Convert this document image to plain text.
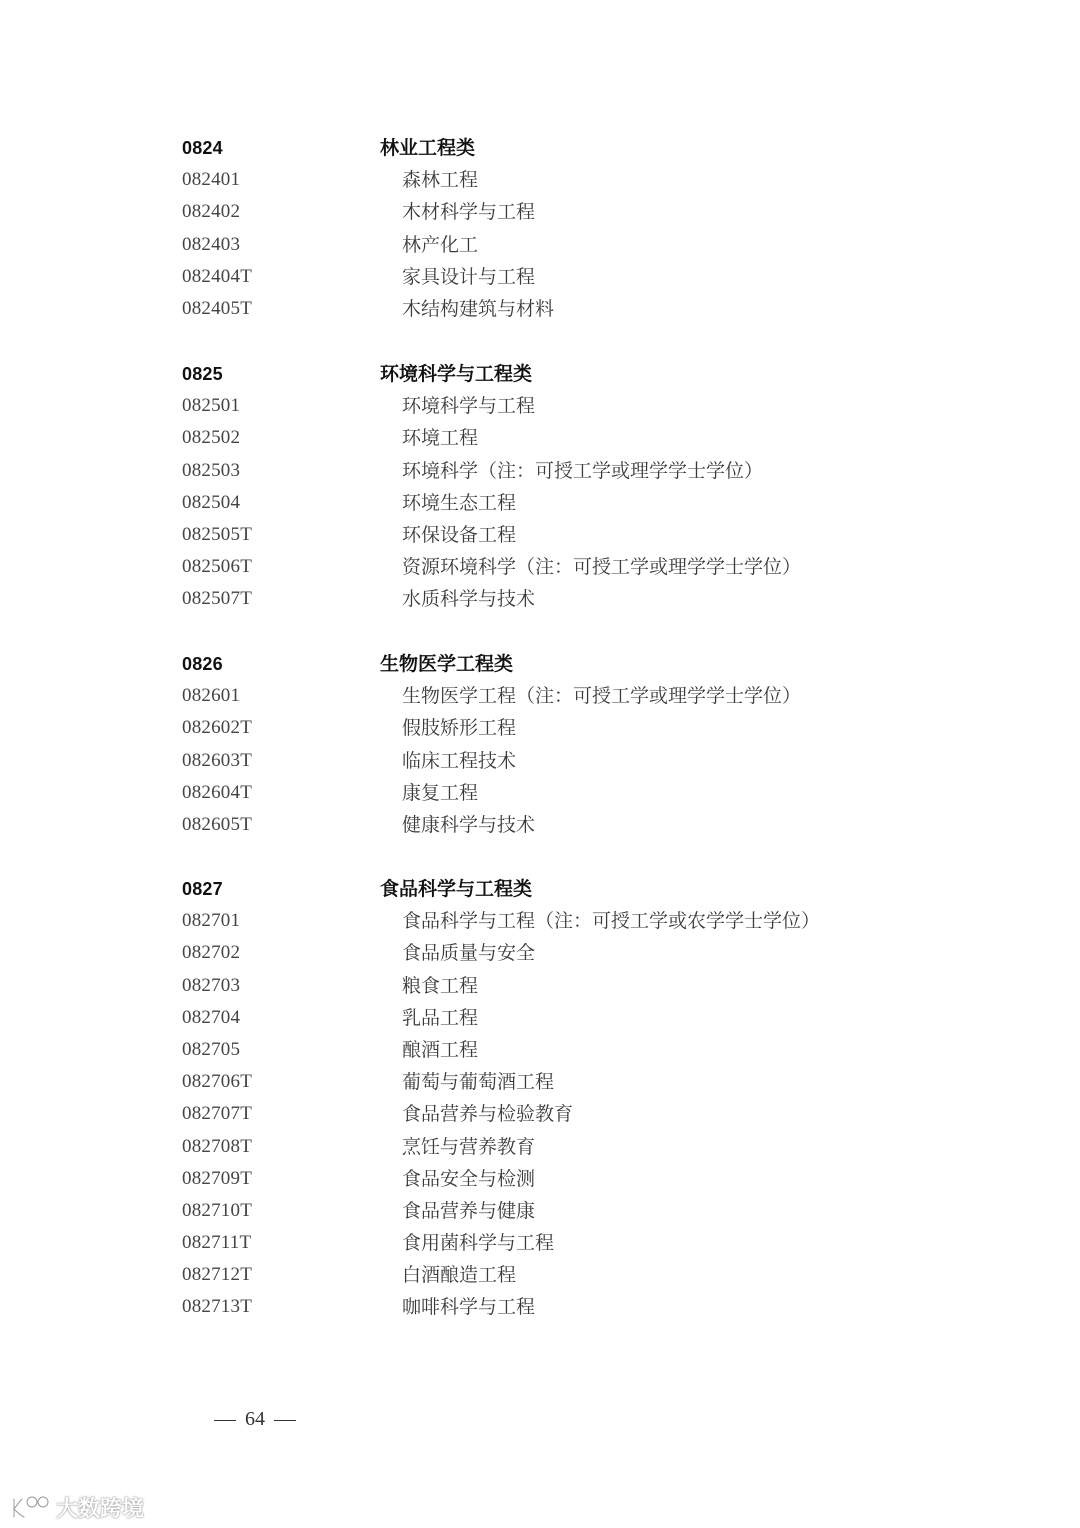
0824	林业工程类
082401	森林工程
082402	木材科学与工程
082403	林产化工
082404T	家具设计与工程
082405T	木结构建筑与材料
0825	环境科学与工程类
082501	环境科学与工程
082502	环境工程
082503	环境科学（注：可授工学或理学学士学位）
082504	环境生态工程
082505T	环保设备工程
082506T	资源环境科学（注：可授工学或理学学士学位）
082507T	水质科学与技术
0826	生物医学工程类
082601	生物医学工程（注：可授工学或理学学士学位）
082602T	假肢矫形工程
082603T	临床工程技术
082604T	康复工程
082605T	健康科学与技术
0827	食品科学与工程类
082701	食品科学与工程（注：可授工学或农学学士学位）
082702	食品质量与安全
082703	粮食工程
082704	乳品工程
082705	酿酒工程
082706T	葡萄与葡萄酒工程
082707T	食品营养与检验教育
082708T	烹饪与营养教育
082709T	食品安全与检测
082710T	食品营养与健康
082711T	食用菌科学与工程
082712T	白酒酿造工程
082713T	咖啡科学与工程
64
大数跨境
